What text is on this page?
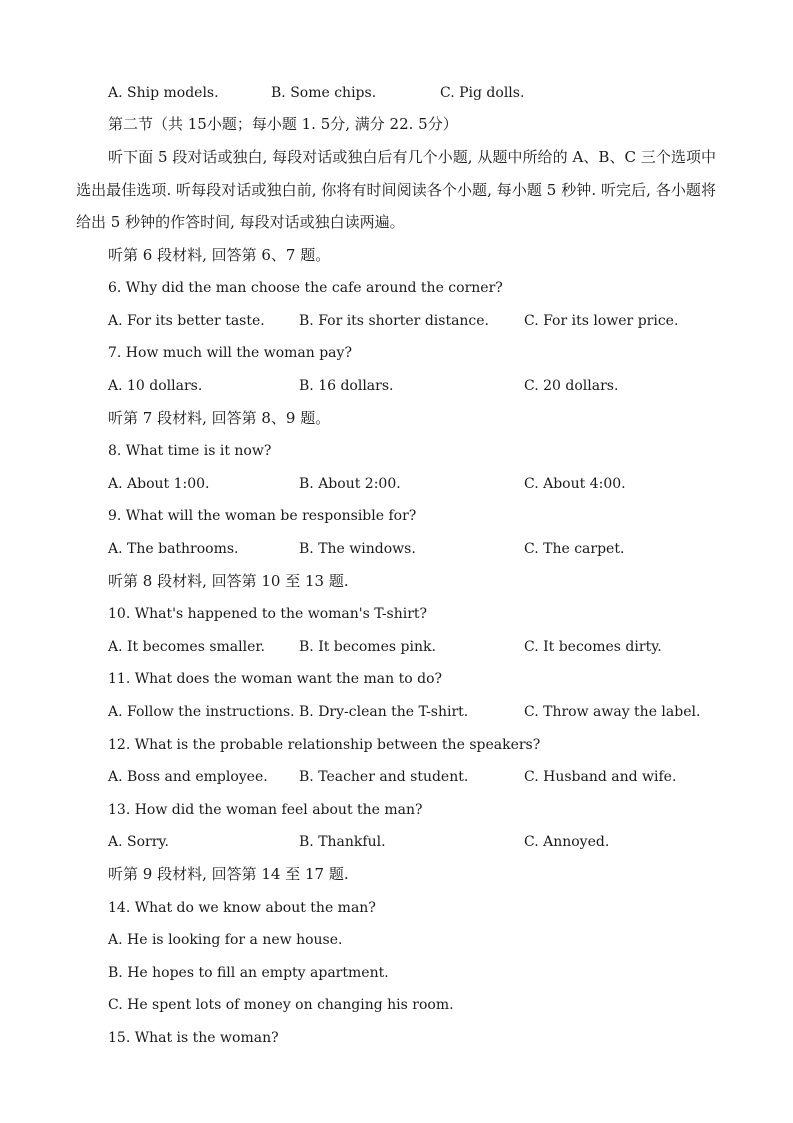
A. Ship models.	B. Some chips.	C. Pig dolls.
第二节（共 15小题；每小题 1. 5分, 满分 22. 5分）
听下面 5 段对话或独白, 每段对话或独白后有几个小题, 从题中所给的 A、B、C 三个选项中选出最佳选项. 听每段对话或独白前, 你将有时间阅读各个小题, 每小题 5 秒钟. 听完后, 各小题将给出 5 秒钟的作答时间, 每段对话或独白读两遍。
听第 6 段材料, 回答第 6、7 题。
6. Why did the man choose the cafe around the corner?
A. For its better taste. B. For its shorter distance. C. For its lower price.
7. How much will the woman pay?
A. 10 dollars.	B. 16 dollars.	C. 20 dollars.
听第 7 段材料, 回答第 8、9 题。
8. What time is it now?
A. About 1:00.	B. About 2:00.	C. About 4:00.
9. What will the woman be responsible for?
A. The bathrooms.	B. The windows.	C. The carpet.
听第 8 段材料, 回答第 10 至 13 题.
10. What's happened to the woman's T-shirt?
A. It becomes smaller. B. It becomes pink.	C. It becomes dirty.
11. What does the woman want the man to do?
A. Follow the instructions. B. Dry-clean the T-shirt.	C. Throw away the label.
12. What is the probable relationship between the speakers?
A. Boss and employee. B. Teacher and student.	C. Husband and wife.
13. How did the woman feel about the man?
A. Sorry.	B. Thankful.	C. Annoyed.
听第 9 段材料, 回答第 14 至 17 题.
14. What do we know about the man?
A. He is looking for a new house.
B. He hopes to fill an empty apartment.
C. He spent lots of money on changing his room.
15. What is the woman?
